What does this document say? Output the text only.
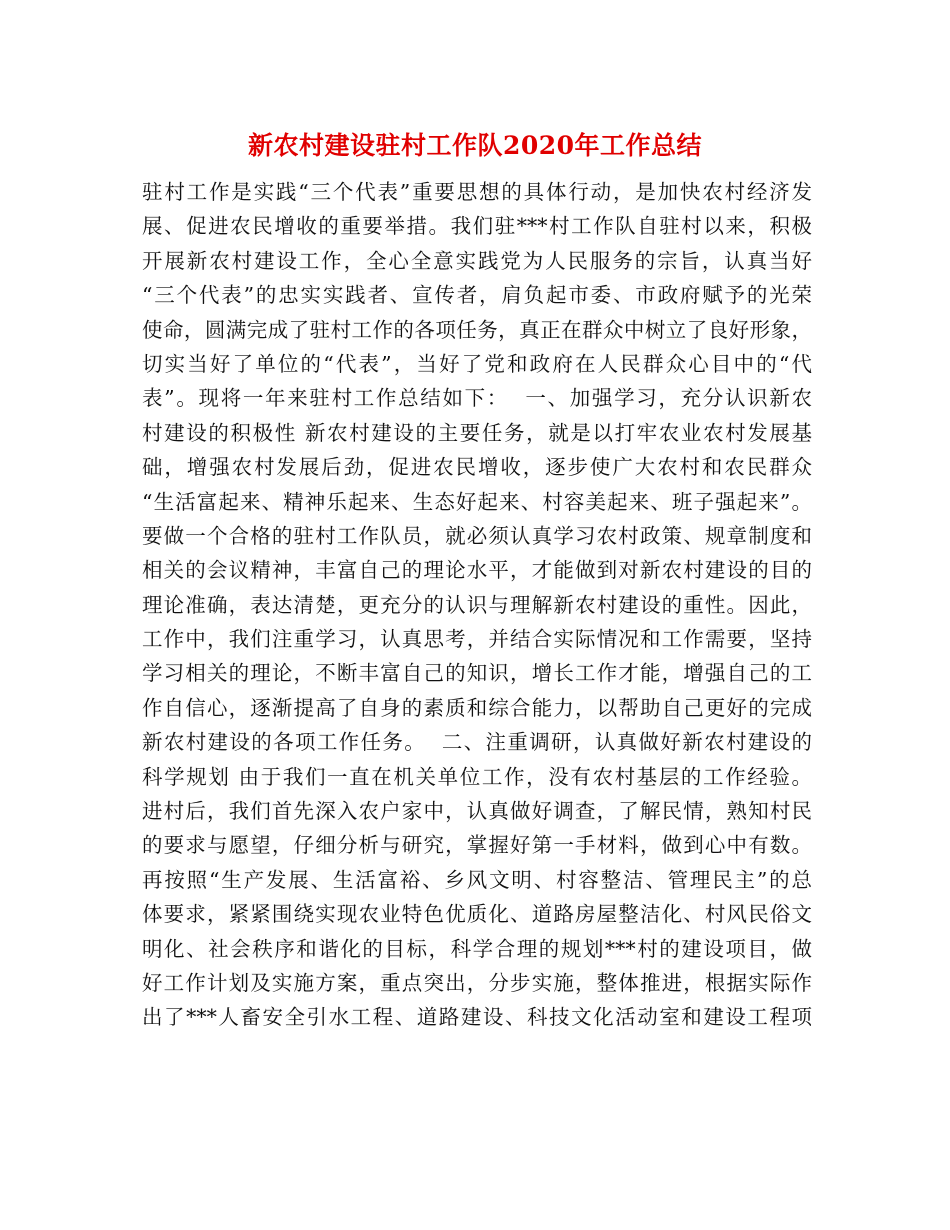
新农村建设驻村工作队2020年工作总结
驻村工作是实践“三个代表”重要思想的具体行动，是加快农村经济发
展、促进农民增收的重要举措。我们驻***村工作队自驻村以来，积极
开展新农村建设工作，全心全意实践党为人民服务的宗旨，认真当好
“三个代表”的忠实实践者、宣传者，肩负起市委、市政府赋予的光荣
使命，圆满完成了驻村工作的各项任务，真正在群众中树立了良好形象，
切实当好了单位的“代表”，当好了党和政府在人民群众心目中的“代
表”。现将一年来驻村工作总结如下：  一、加强学习，充分认识新农
村建设的积极性 新农村建设的主要任务，就是以打牢农业农村发展基
础，增强农村发展后劲，促进农民增收，逐步使广大农村和农民群众
“生活富起来、精神乐起来、生态好起来、村容美起来、班子强起来”。
要做一个合格的驻村工作队员，就必须认真学习农村政策、规章制度和
相关的会议精神，丰富自己的理论水平，才能做到对新农村建设的目的
理论准确，表达清楚，更充分的认识与理解新农村建设的重性。因此，
工作中，我们注重学习，认真思考，并结合实际情况和工作需要，坚持
学习相关的理论，不断丰富自己的知识，增长工作才能，增强自己的工
作自信心，逐渐提高了自身的素质和综合能力，以帮助自己更好的完成
新农村建设的各项工作任务。  二、注重调研，认真做好新农村建设的
科学规划 由于我们一直在机关单位工作，没有农村基层的工作经验。
进村后，我们首先深入农户家中，认真做好调查，了解民情，熟知村民
的要求与愿望，仔细分析与研究，掌握好第一手材料，做到心中有数。
再按照“生产发展、生活富裕、乡风文明、村容整洁、管理民主”的总
体要求，紧紧围绕实现农业特色优质化、道路房屋整洁化、村风民俗文
明化、社会秩序和谐化的目标，科学合理的规划***村的建设项目，做
好工作计划及实施方案，重点突出，分步实施，整体推进，根据实际作
出了***人畜安全引水工程、道路建设、科技文化活动室和建设工程项
